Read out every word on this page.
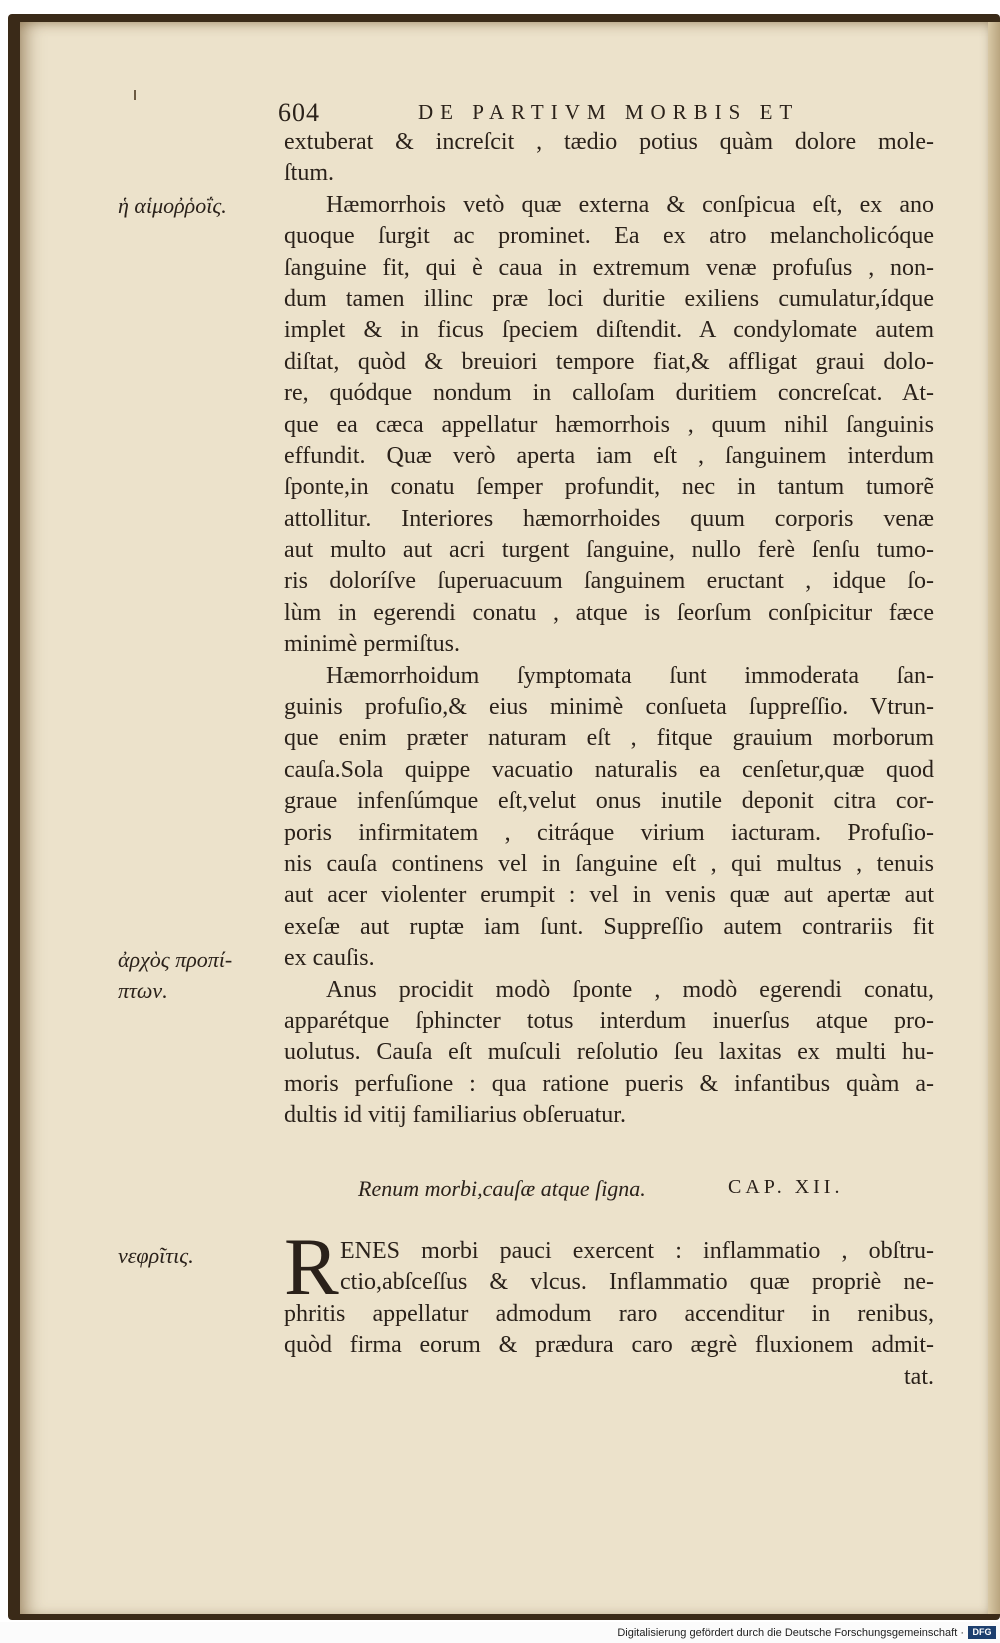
604	DE PARTIVM MORBIS ET
ἡ αἱμοῤῥοΐς.
ἀρχὸς προπί-
πτων.
νεφρῖτις.
extuberat & increſcit , tædio potius quàm dolore mole-
ſtum.
Hæmorrhois vetò quæ externa & conſpicua eſt, ex ano
quoque ſurgit ac prominet. Ea ex atro melancholicóque
ſanguine fit, qui è caua in extremum venæ profuſus , non-
dum tamen illinc præ loci duritie exiliens cumulatur,ídque
implet & in ficus ſpeciem diſtendit. A condylomate autem
diſtat, quòd & breuiori tempore fiat,& affligat graui dolo-
re, quódque nondum in calloſam duritiem concreſcat. At-
que ea cæca appellatur hæmorrhois , quum nihil ſanguinis
effundit. Quæ verò aperta iam eſt , ſanguinem interdum
ſponte,in conatu ſemper profundit, nec in tantum tumorẽ
attollitur. Interiores hæmorrhoides quum corporis venæ
aut multo aut acri turgent ſanguine, nullo ferè ſenſu tumo-
ris doloríſve ſuperuacuum ſanguinem eructant , idque ſo-
lùm in egerendi conatu , atque is ſeorſum conſpicitur fæce
minimè permiſtus.
Hæmorrhoidum ſymptomata ſunt immoderata ſan-
guinis profuſio,& eius minimè conſueta ſuppreſſio. Vtrun-
que enim præter naturam eſt , fitque grauium morborum
cauſa.Sola quippe vacuatio naturalis ea cenſetur,quæ quod
graue infenſúmque eſt,velut onus inutile deponit citra cor-
poris infirmitatem , citráque virium iacturam. Profuſio-
nis cauſa continens vel in ſanguine eſt , qui multus , tenuis
aut acer violenter erumpit : vel in venis quæ aut apertæ aut
exeſæ aut ruptæ iam ſunt. Suppreſſio autem contrariis fit
ex cauſis.
Anus procidit modò ſponte , modò egerendi conatu,
apparétque ſphincter totus interdum inuerſus atque pro-
uolutus. Cauſa eſt muſculi reſolutio ſeu laxitas ex multi hu-
moris perfuſione : qua ratione pueris & infantibus quàm a-
dultis id vitij familiarius obſeruatur.
Renum morbi,cauſæ atque ſigna.	CAP. XII.
R ENES morbi pauci exercent : inflammatio , obſtru-
ctio,abſceſſus & vlcus. Inflammatio quæ propriè ne-
phritis appellatur admodum raro accenditur in renibus,
quòd firma eorum & prædura caro ægrè fluxionem admit-
tat.
Digitalisierung gefördert durch die Deutsche Forschungsgemeinschaft · DFG
